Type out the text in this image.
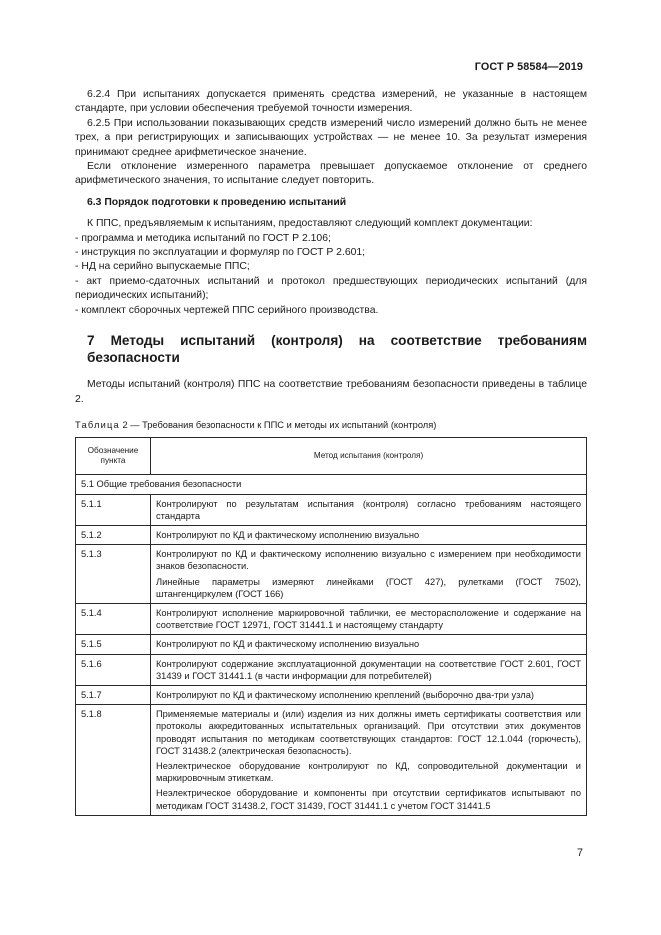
ГОСТ Р 58584—2019

6.2.4 При испытаниях допускается применять средства измерений, не указанные в настоящем стандарте, при условии обеспечения требуемой точности измерения.

6.2.5 При использовании показывающих средств измерений число измерений должно быть не менее трех, а при регистрирующих и записывающих устройствах — не менее 10. За результат измерения принимают среднее арифметическое значение.

Если отклонение измеренного параметра превышает допускаемое отклонение от среднего арифметического значения, то испытание следует повторить.

6.3 Порядок подготовки к проведению испытаний

К ППС, предъявляемым к испытаниям, предоставляют следующий комплект документации:

- программа и методика испытаний по ГОСТ Р 2.106;

- инструкция по эксплуатации и формуляр по ГОСТ Р 2.601;

- НД на серийно выпускаемые ППС;

- акт приемо-сдаточных испытаний и протокол предшествующих периодических испытаний (для периодических испытаний);

- комплект сборочных чертежей ППС серийного производства.

7 Методы испытаний (контроля) на соответствие требованиям безопасности

Методы испытаний (контроля) ППС на соответствие требованиям безопасности приведены в таблице 2.

Таблица 2 — Требования безопасности к ППС и методы их испытаний (контроля)

Обозначение пункта	Метод испытания (контроля)
5.1 Общие требования безопасности	
5.1.1	Контролируют по результатам испытания (контроля) согласно требованиям настоящего стандарта

5.1.2	Контролируют по КД и фактическому исполнению визуально

5.1.3	Контролируют по КД и фактическому исполнению визуально с измерением при необходимости знаков безопасности.

Линейные параметры измеряют линейками (ГОСТ 427), рулетками (ГОСТ 7502), штангенциркулем (ГОСТ 166)

5.1.4	Контролируют исполнение маркировочной таблички, ее месторасположение и содержание на соответствие ГОСТ 12971, ГОСТ 31441.1 и настоящему стандарту

5.1.5	Контролируют по КД и фактическому исполнению визуально

5.1.6	Контролируют содержание эксплуатационной документации на соответствие ГОСТ 2.601, ГОСТ 31439 и ГОСТ 31441.1 (в части информации для потребителей)

5.1.7	Контролируют по КД и фактическому исполнению креплений (выборочно два-три узла)

5.1.8	Применяемые материалы и (или) изделия из них должны иметь сертификаты соответствия или протоколы аккредитованных испытательных организаций. При отсутствии этих документов проводят испытания по методикам соответствующих стандартов: ГОСТ 12.1.044 (горючесть), ГОСТ 31438.2 (электрическая безопасность).

Неэлектрическое оборудование контролируют по КД, сопроводительной документации и маркировочным этикеткам.

Неэлектрическое оборудование и компоненты при отсутствии сертификатов испытывают по методикам ГОСТ 31438.2, ГОСТ 31439, ГОСТ 31441.1 с учетом ГОСТ 31441.5

7
